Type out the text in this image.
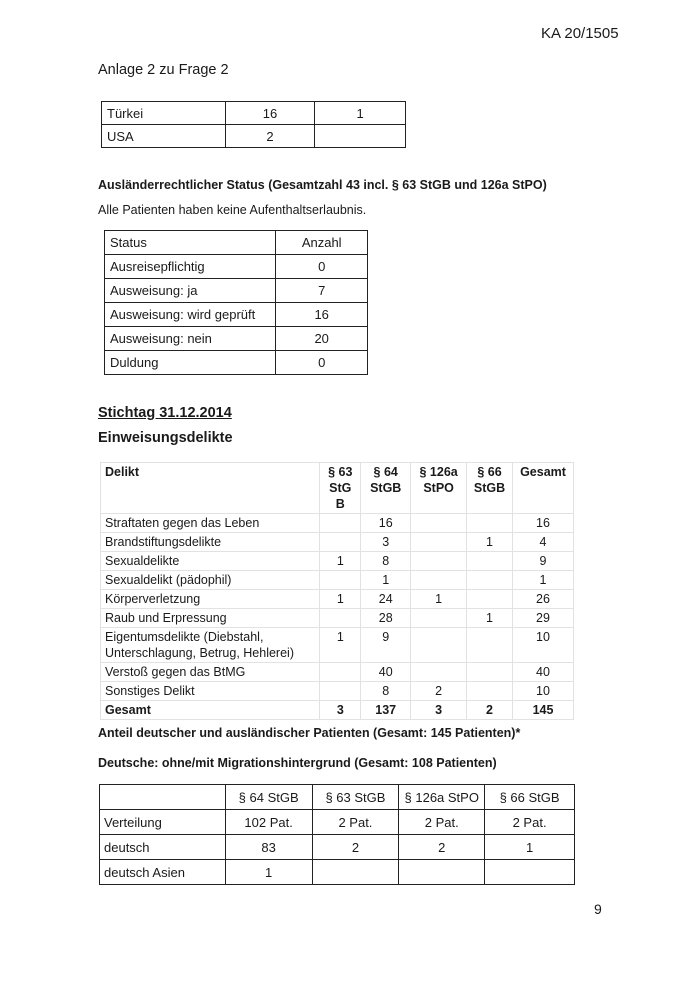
KA 20/1505
Anlage 2 zu Frage 2
Türkei	16	1
USA	2	
Ausländerrechtlicher Status (Gesamtzahl 43 incl. § 63 StGB und 126a StPO)
Alle Patienten haben keine Aufenthaltserlaubnis.
Status	Anzahl
Ausreisepflichtig	0
Ausweisung: ja	7
Ausweisung: wird geprüft	16
Ausweisung: nein	20
Duldung	0
Stichtag 31.12.2014
Einweisungsdelikte
Delikt	§ 63 StG B	§ 64 StGB	§ 126a StPO	§ 66 StGB	Gesamt
Straftaten gegen das Leben		16			16
Brandstiftungsdelikte		3		1	4
Sexualdelikte	1	8			9
Sexualdelikt (pädophil)		1			1
Körperverletzung	1	24	1		26
Raub und Erpressung		28		1	29
Eigentumsdelikte (Diebstahl, Unterschlagung, Betrug, Hehlerei)	1	9			10
Verstoß gegen das BtMG		40			40
Sonstiges Delikt		8	2		10
Gesamt	3	137	3	2	145
Anteil deutscher und ausländischer Patienten (Gesamt: 145 Patienten)*
Deutsche: ohne/mit Migrationshintergrund (Gesamt: 108 Patienten)
	§ 64 StGB	§ 63 StGB	§ 126a StPO	§ 66 StGB
Verteilung	102 Pat.	2 Pat.	2 Pat.	2 Pat.
deutsch	83	2	2	1
deutsch Asien	1			
9
